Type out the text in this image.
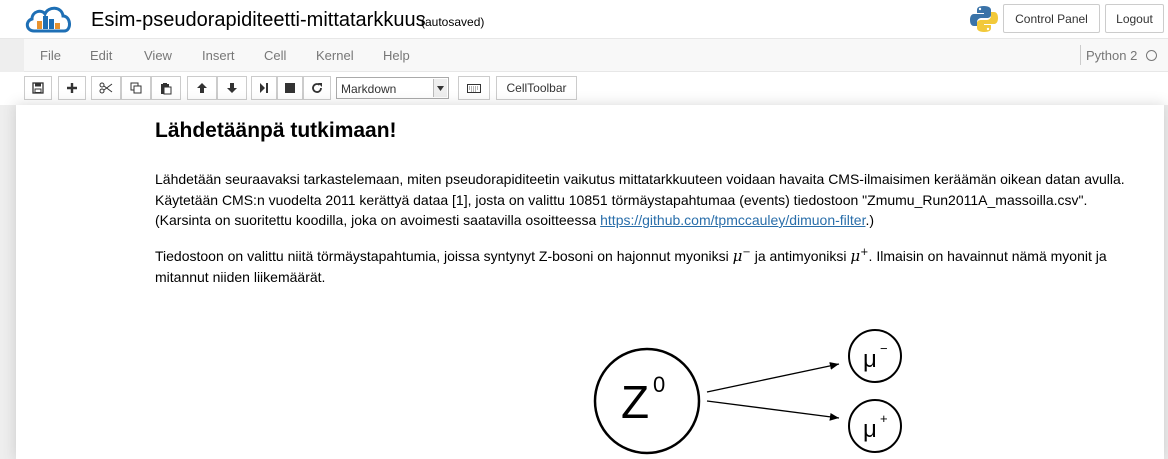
Esim-pseudorapiditeetti-mittatarkkuus
(autosaved)	Control Panel	Logout
File Edit View Insert Cell Kernel Help	Python 2
Markdown	CellToolbar
Lähdetäänpä tutkimaan!

Lähdetään seuraavaksi tarkastelemaan, miten pseudorapiditeetin vaikutus mittatarkkuuteen voidaan havaita CMS-ilmaisimen keräämän oikean datan avulla. Käytetään CMS:n vuodelta 2011 kerättyä dataa [1], josta on valittu 10851 törmäystapahtumaa (events) tiedostoon "Zmumu_Run2011A_massoilla.csv". (Karsinta on suoritettu koodilla, joka on avoimesti saatavilla osoitteessa https://github.com/tpmccauley/dimuon-filter.)

Tiedostoon on valittu niitä törmäystapahtumia, joissa syntynyt Z-bosoni on hajonnut myoniksi μ− ja antimyoniksi μ+. Ilmaisin on havainnut nämä myonit ja mitannut niiden liikemäärät.

Z 0
μ −
μ +
